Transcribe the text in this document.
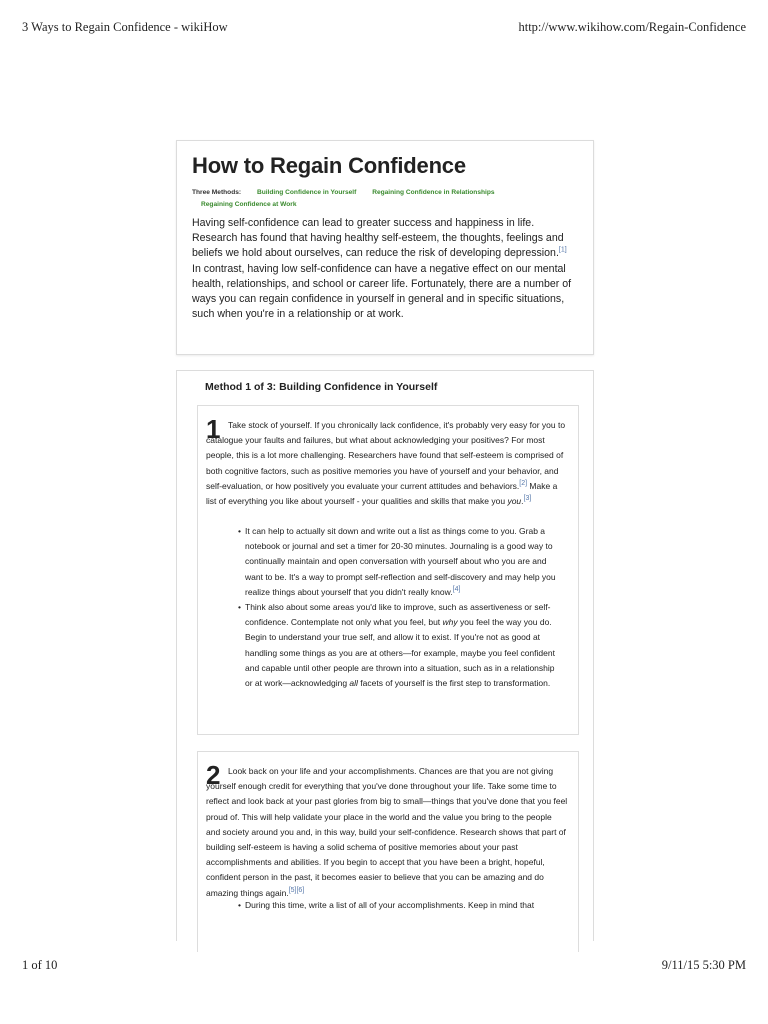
3 Ways to Regain Confidence - wikiHow	http://www.wikihow.com/Regain-Confidence
How to Regain Confidence
Three Methods: Building Confidence in Yourself Regaining Confidence in Relationships
Regaining Confidence at Work
Having self-confidence can lead to greater success and happiness in life. Research has found that having healthy self-esteem, the thoughts, feelings and beliefs we hold about ourselves, can reduce the risk of developing depression.[1] In contrast, having low self-confidence can have a negative effect on our mental health, relationships, and school or career life. Fortunately, there are a number of ways you can regain confidence in yourself in general and in specific situations, such when you're in a relationship or at work.
Method 1 of 3: Building Confidence in Yourself
1 Take stock of yourself. If you chronically lack confidence, it's probably very easy for you to catalogue your faults and failures, but what about acknowledging your positives? For most people, this is a lot more challenging. Researchers have found that self-esteem is comprised of both cognitive factors, such as positive memories you have of yourself and your behavior, and self-evaluation, or how positively you evaluate your current attitudes and behaviors.[2] Make a list of everything you like about yourself - your qualities and skills that make you you.[3]
• It can help to actually sit down and write out a list as things come to you. Grab a notebook or journal and set a timer for 20-30 minutes. Journaling is a good way to continually maintain and open conversation with yourself about who you are and want to be. It's a way to prompt self-reflection and self-discovery and may help you realize things about yourself that you didn't really know.[4]
• Think also about some areas you'd like to improve, such as assertiveness or self-confidence. Contemplate not only what you feel, but why you feel the way you do. Begin to understand your true self, and allow it to exist. If you're not as good at handling some things as you are at others—for example, maybe you feel confident and capable until other people are thrown into a situation, such as in a relationship or at work—acknowledging all facets of yourself is the first step to transformation.
2 Look back on your life and your accomplishments. Chances are that you are not giving yourself enough credit for everything that you've done throughout your life. Take some time to reflect and look back at your past glories from big to small—things that you've done that you feel proud of. This will help validate your place in the world and the value you bring to the people and society around you and, in this way, build your self-confidence. Research shows that part of building self-esteem is having a solid schema of positive memories about your past accomplishments and abilities. If you begin to accept that you have been a bright, hopeful, confident person in the past, it becomes easier to believe that you can be amazing and do amazing things again.[5][6]
• During this time, write a list of all of your accomplishments. Keep in mind that
1 of 10	9/11/15 5:30 PM
